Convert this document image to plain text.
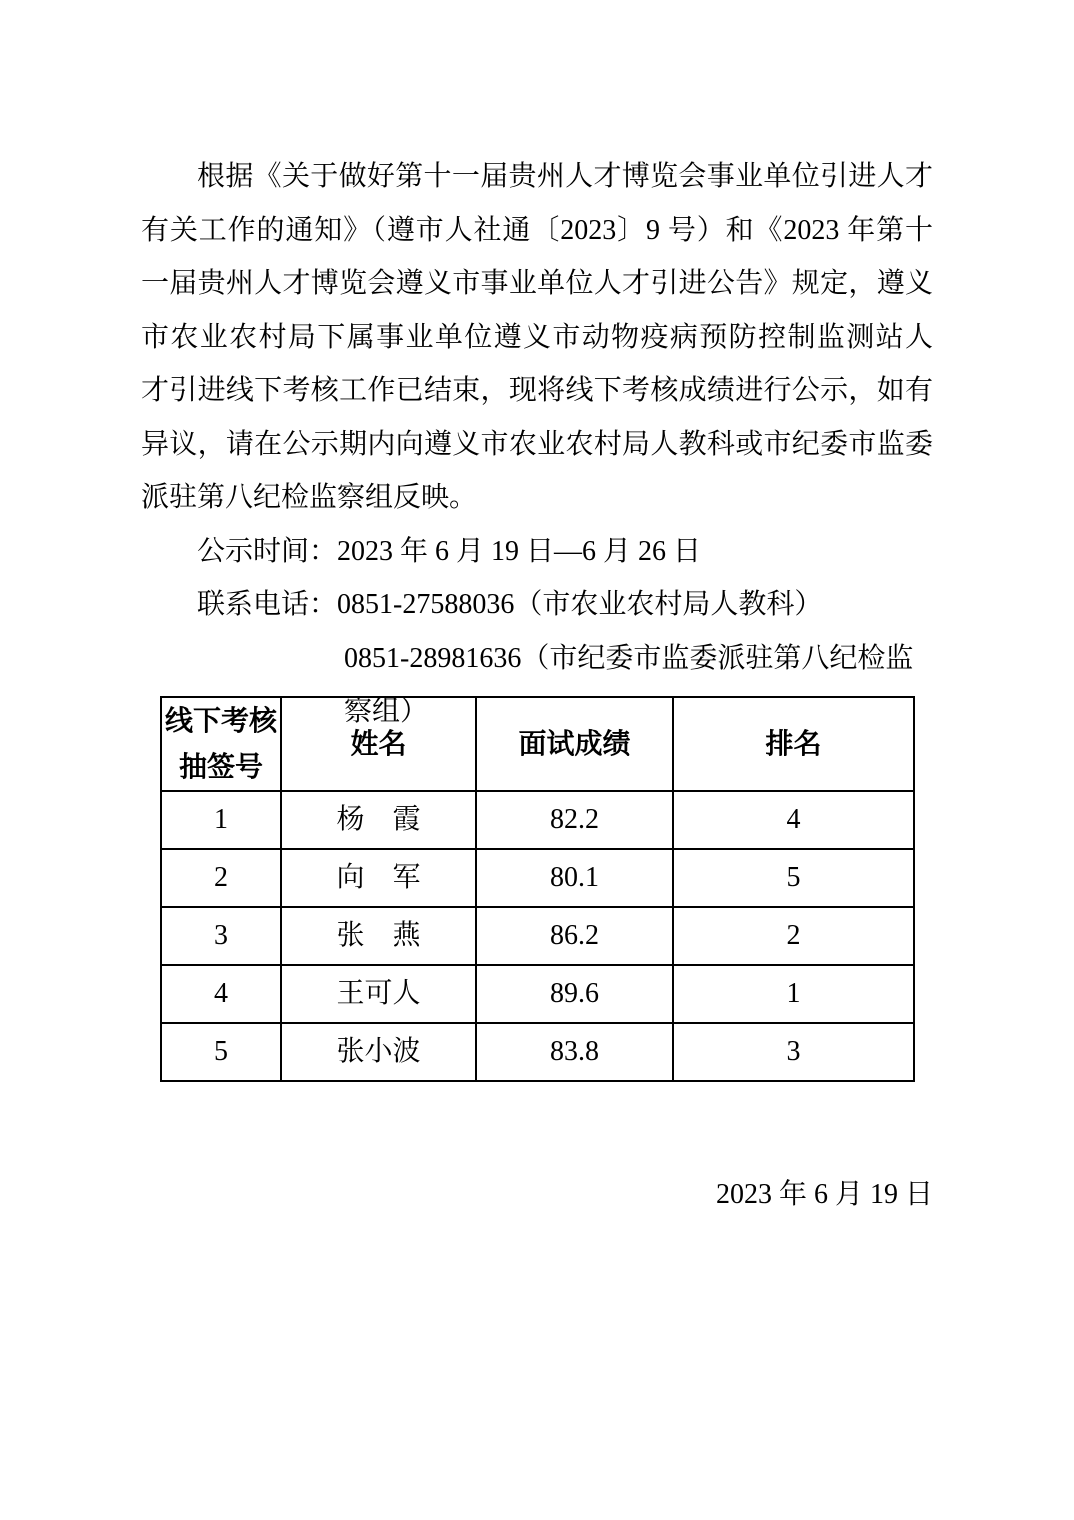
根据《关于做好第十一届贵州人才博览会事业单位引进人才
有关工作的通知》（遵市人社通〔2023〕9 号）和《2023 年第十
一届贵州人才博览会遵义市事业单位人才引进公告》规定，遵义
市农业农村局下属事业单位遵义市动物疫病预防控制监测站人
才引进线下考核工作已结束，现将线下考核成绩进行公示，如有
异议，请在公示期内向遵义市农业农村局人教科或市纪委市监委
派驻第八纪检监察组反映。
公示时间：2023 年 6 月 19 日—6 月 26 日
联系电话：0851-27588036（市农业农村局人教科）
0851-28981636（市纪委市监委派驻第八纪检监察组）
线下考核抽签号	姓名	面试成绩	排名
1	杨　霞	82.2	4
2	向　军	80.1	5
3	张　燕	86.2	2
4	王可人	89.6	1
5	张小波	83.8	3
2023 年 6 月 19 日
